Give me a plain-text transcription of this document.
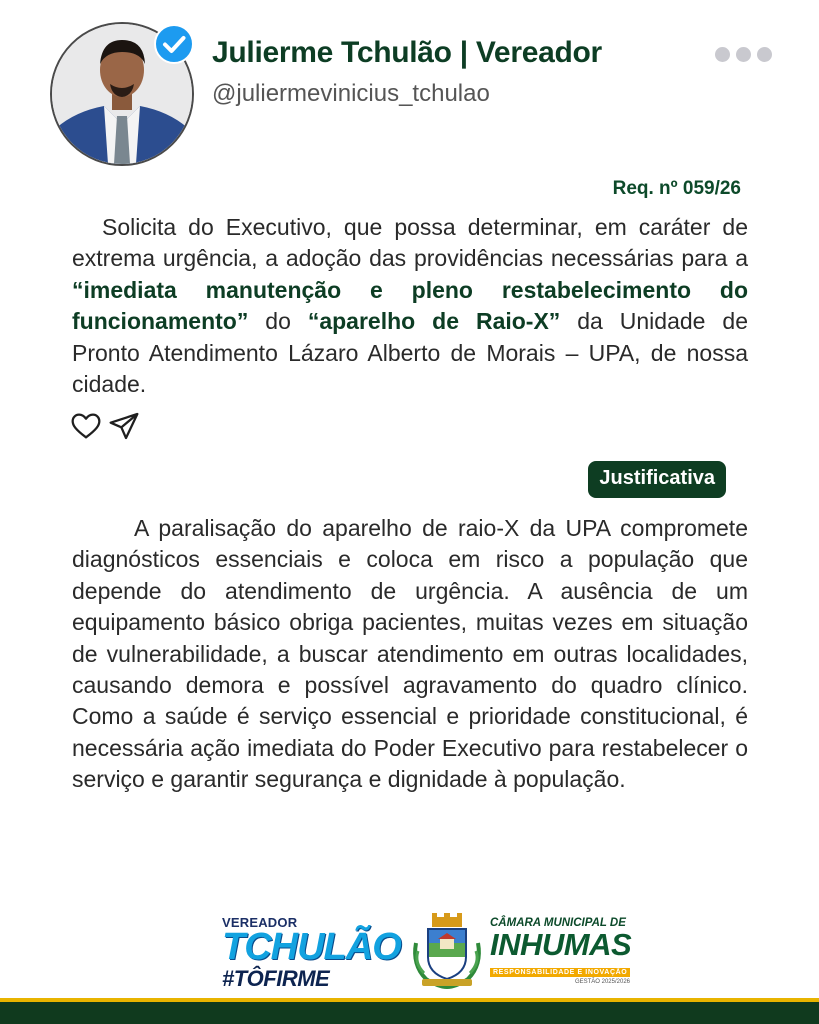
Julierme Tchulão | Vereador
@juliermevinicius_tchulao
Req. nº 059/26

Solicita do Executivo, que possa determinar, em caráter de extrema urgência, a adoção das providências necessárias para a “imediata manutenção e pleno restabelecimento do funcionamento” do “aparelho de Raio-X” da Unidade de Pronto Atendimento Lázaro Alberto de Morais – UPA, de nossa cidade.

Justificativa

A paralisação do aparelho de raio-X da UPA compromete diagnósticos essenciais e coloca em risco a população que depende do atendimento de urgência. A ausência de um equipamento básico obriga pacientes, muitas vezes em situação de vulnerabilidade, a buscar atendimento em outras localidades, causando demora e possível agravamento do quadro clínico. Como a saúde é serviço essencial e prioridade constitucional, é necessária ação imediata do Poder Executivo para restabelecer o serviço e garantir segurança e dignidade à população.

VEREADOR
TCHULÃO
#TÔFIRME
CÂMARA MUNICIPAL DE
INHUMAS
RESPONSABILIDADE E INOVAÇÃO
GESTÃO 2025/2026
